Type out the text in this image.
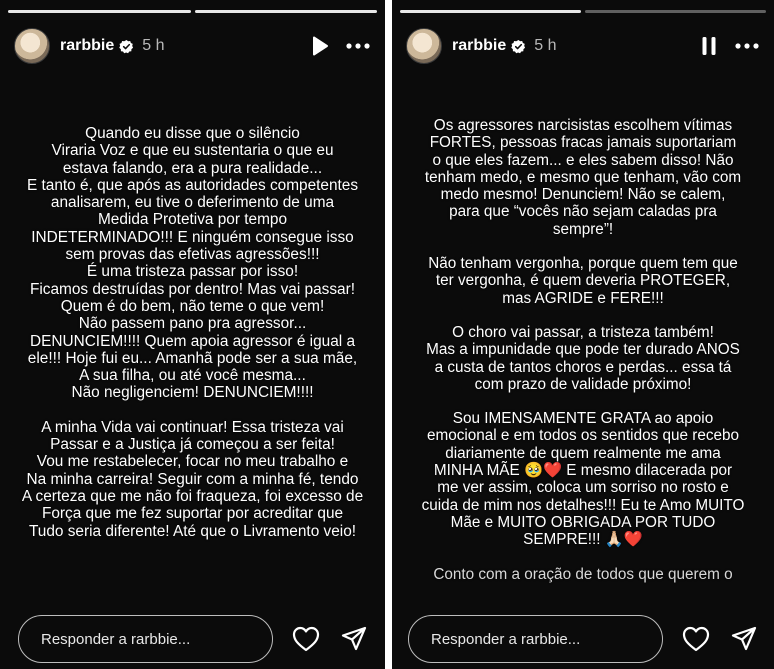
rarbbie 5 h

Quando eu disse que o silêncio

Viraria Voz e que eu sustentaria o que eu

estava falando, era a pura realidade...

E tanto é, que após as autoridades competentes

analisarem, eu tive o deferimento de uma

Medida Protetiva por tempo

INDETERMINADO!!! E ninguém consegue isso

sem provas das efetivas agressões!!!

É uma tristeza passar por isso!

Ficamos destruídas por dentro! Mas vai passar!

Quem é do bem, não teme o que vem!

Não passem pano pra agressor...

DENUNCIEM!!!! Quem apoia agressor é igual a

ele!!! Hoje fui eu... Amanhã pode ser a sua mãe,

A sua filha, ou até você mesma...

Não negligenciem! DENUNCIEM!!!!

A minha Vida vai continuar! Essa tristeza vai

Passar e a Justiça já começou a ser feita!

Vou me restabelecer, focar no meu trabalho e

Na minha carreira! Seguir com a minha fé, tendo

A certeza que me não foi fraqueza, foi excesso de

Força que me fez suportar por acreditar que

Tudo seria diferente! Até que o Livramento veio!

Responder a rarbbie...
rarbbie 5 h

Os agressores narcisistas escolhem vítimas

FORTES, pessoas fracas jamais suportariam

o que eles fazem... e eles sabem disso! Não

tenham medo, e mesmo que tenham, vão com

medo mesmo! Denunciem! Não se calem,

para que “vocês não sejam caladas pra

sempre”!

Não tenham vergonha, porque quem tem que

ter vergonha, é quem deveria PROTEGER,

mas AGRIDE e FERE!!!

O choro vai passar, a tristeza também!

Mas a impunidade que pode ter durado ANOS

a custa de tantos choros e perdas... essa tá

com prazo de validade próximo!

Sou IMENSAMENTE GRATA ao apoio

emocional e em todos os sentidos que recebo

diariamente de quem realmente me ama

MINHA MÃE 🥹❤️ E mesmo dilacerada por

me ver assim, coloca um sorriso no rosto e

cuida de mim nos detalhes!!! Eu te Amo MUITO

Mãe e MUITO OBRIGADA POR TUDO

SEMPRE!!! 🙏🏻❤️

Conto com a oração de todos que querem o

Responder a rarbbie...
